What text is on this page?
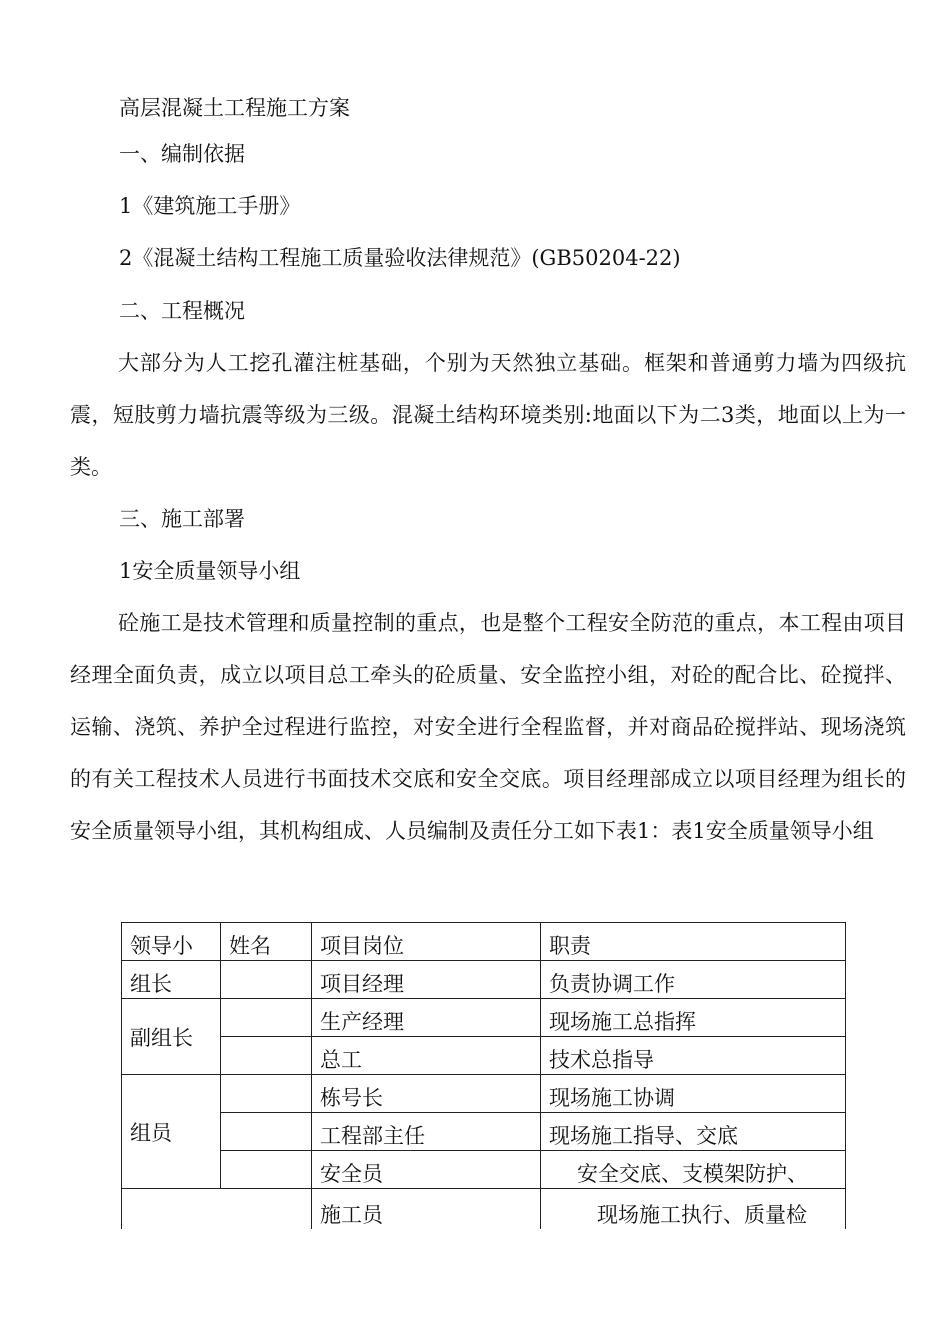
高层混凝土工程施工方案
一、编制依据
1《建筑施工手册》
2《混凝土结构工程施工质量验收法律规范》(GB50204-22)
二、工程概况

大部分为人工挖孔灌注桩基础，个别为天然独立基础。框架和普通剪力墙为四级抗震，短肢剪力墙抗震等级为三级。混凝土结构环境类别:地面以下为二3类，地面以上为一类。

三、施工部署
1安全质量领导小组

砼施工是技术管理和质量控制的重点，也是整个工程安全防范的重点，本工程由项目经理全面负责，成立以项目总工牵头的砼质量、安全监控小组，对砼的配合比、砼搅拌、运输、浇筑、养护全过程进行监控，对安全进行全程监督，并对商品砼搅拌站、现场浇筑的有关工程技术人员进行书面技术交底和安全交底。项目经理部成立以项目经理为组长的安全质量领导小组，其机构组成、人员编制及责任分工如下表1：表1安全质量领导小组

领导小	姓名	项目岗位	职责
组长		项目经理	负责协调工作
副组长		生产经理	现场施工总指挥
		总工	技术总指导
组员		栋号长	现场施工协调
		工程部主任	现场施工指导、交底
		安全员	安全交底、支模架防护、
		施工员	现场施工执行、质量检
